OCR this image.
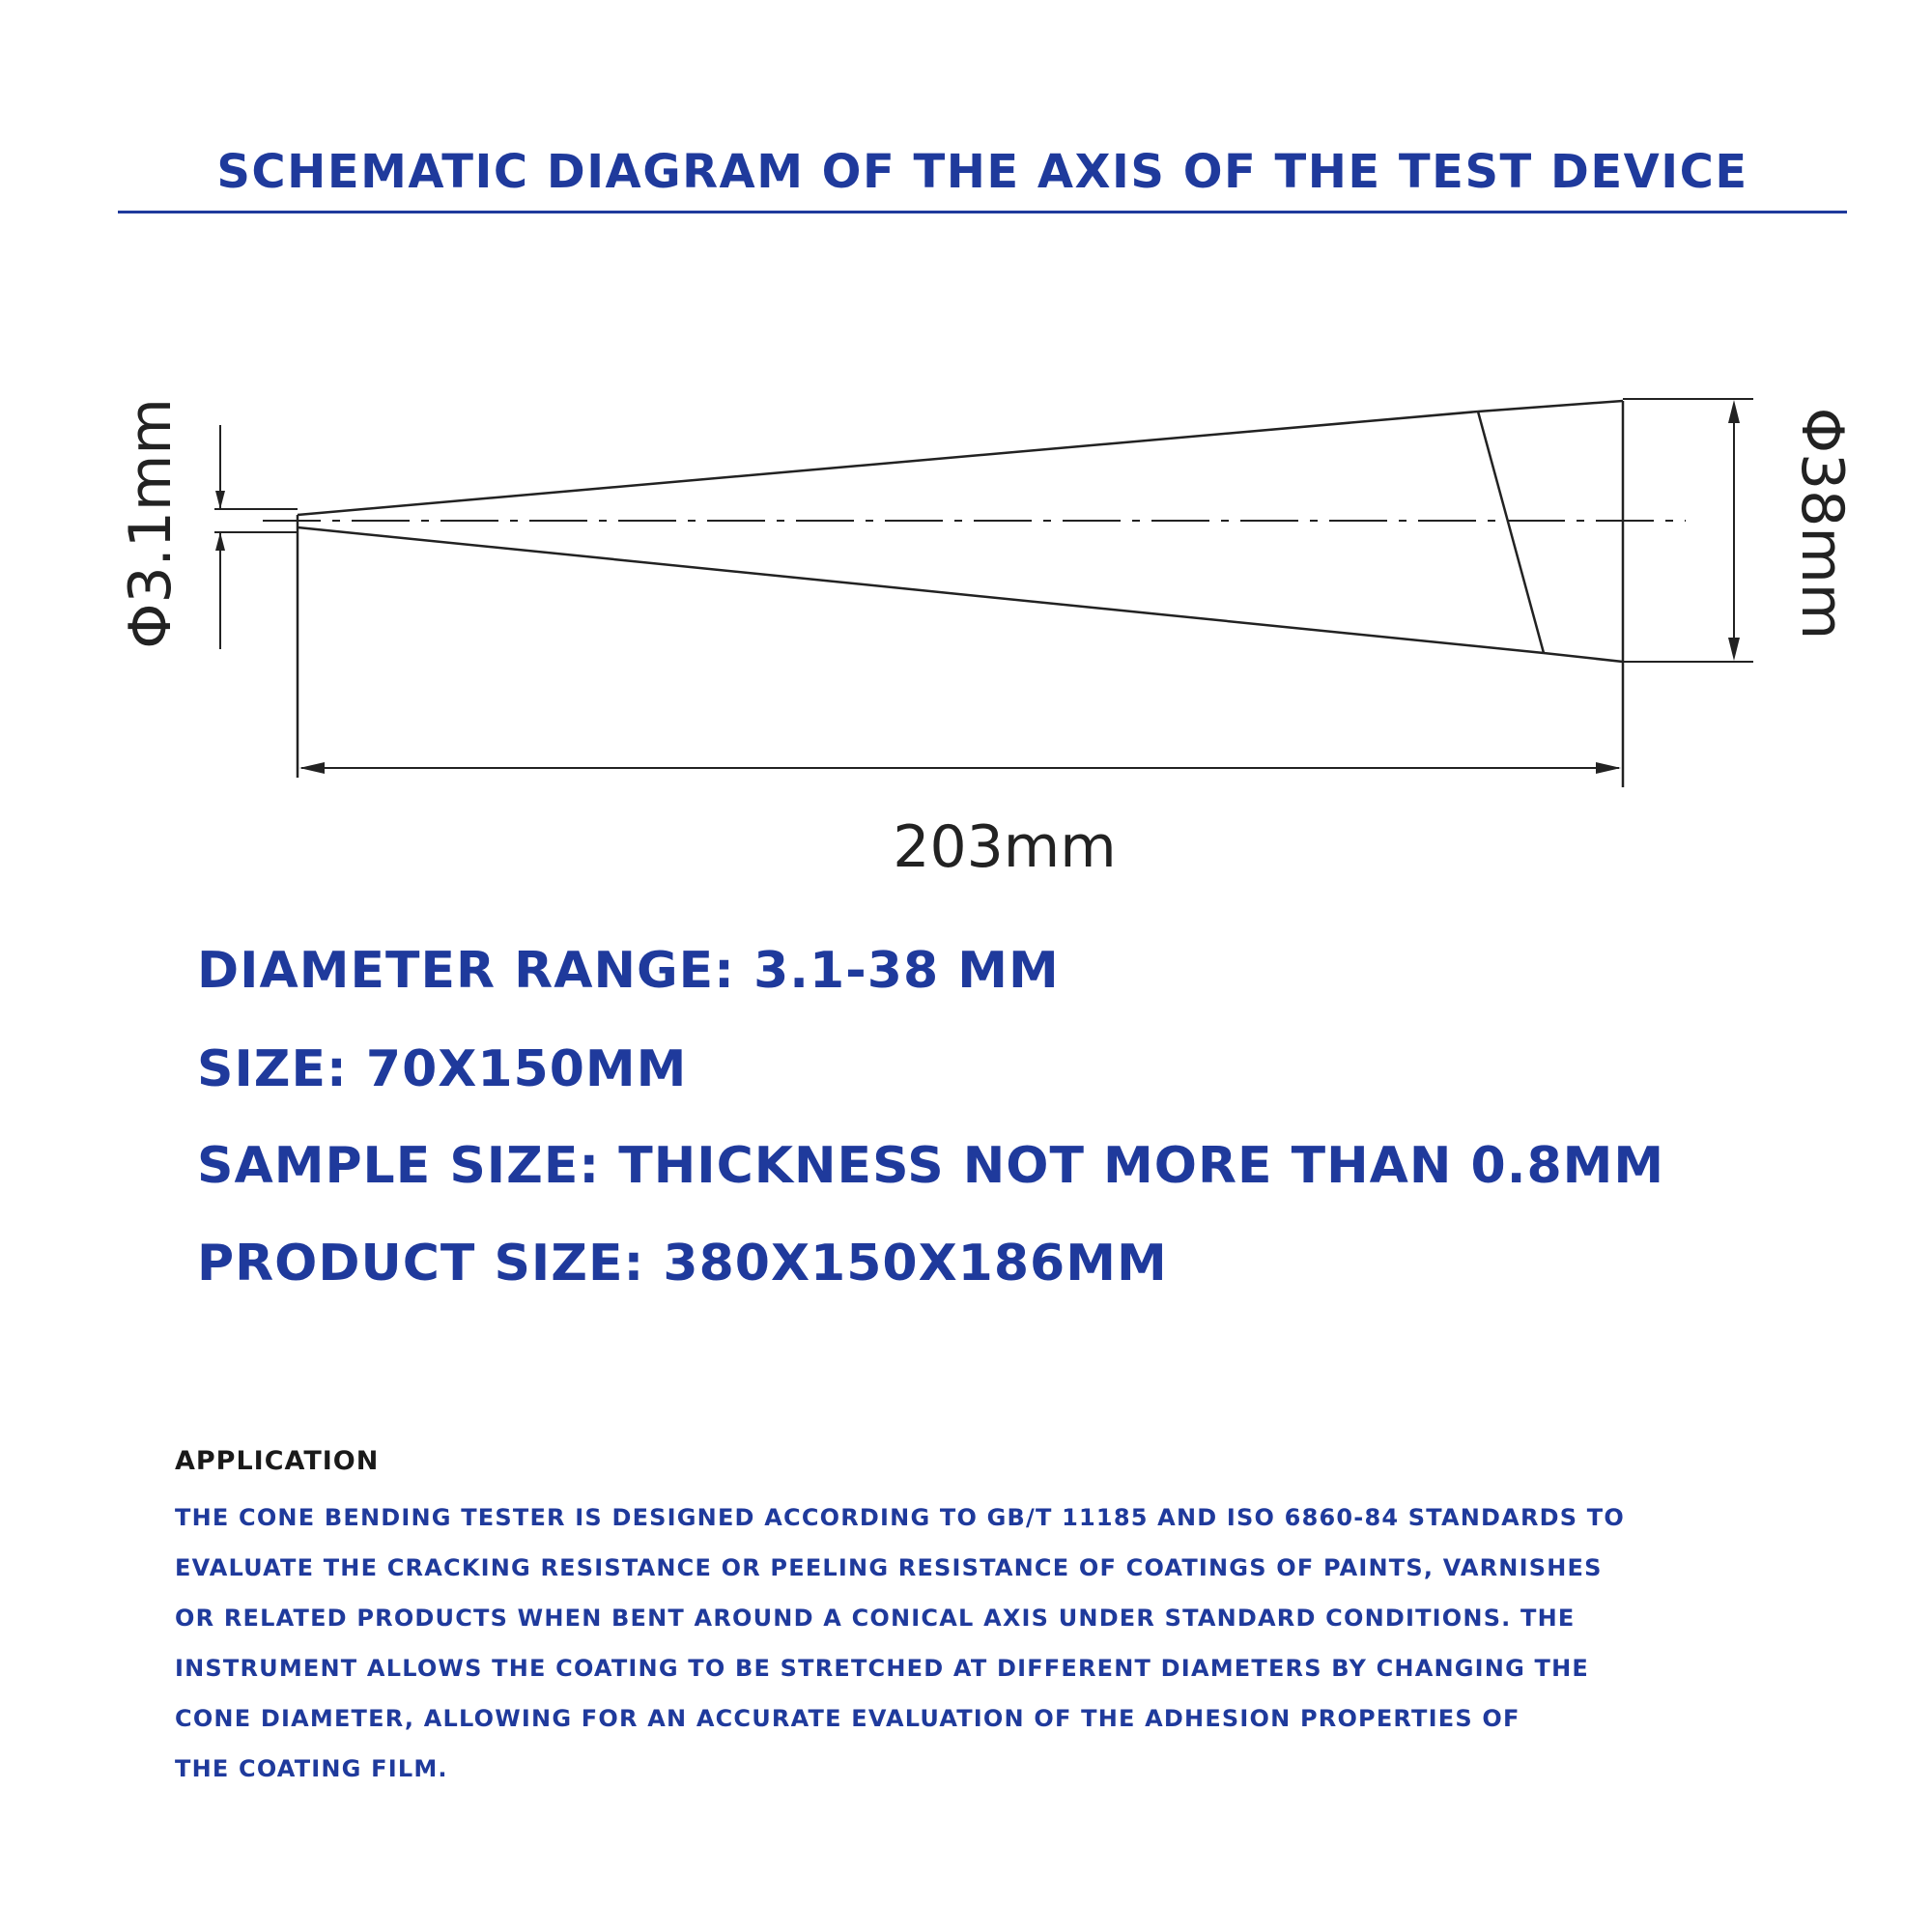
SCHEMATIC DIAGRAM OF THE AXIS OF THE TEST DEVICE
Φ3.1mm	Φ38mm
203mm

DIAMETER RANGE: 3.1-38 MM

SIZE: 70X150MM

SAMPLE SIZE: THICKNESS NOT MORE THAN 0.8MM

PRODUCT SIZE: 380X150X186MM

APPLICATION

THE CONE BENDING TESTER IS DESIGNED ACCORDING TO GB/T 11185 AND ISO 6860-84 STANDARDS TO
EVALUATE THE CRACKING RESISTANCE OR PEELING RESISTANCE OF COATINGS OF PAINTS, VARNISHES
OR RELATED PRODUCTS WHEN BENT AROUND A CONICAL AXIS UNDER STANDARD CONDITIONS. THE
INSTRUMENT ALLOWS THE COATING TO BE STRETCHED AT DIFFERENT DIAMETERS BY CHANGING THE
CONE DIAMETER, ALLOWING FOR AN ACCURATE EVALUATION OF THE ADHESION PROPERTIES OF
THE COATING FILM.
